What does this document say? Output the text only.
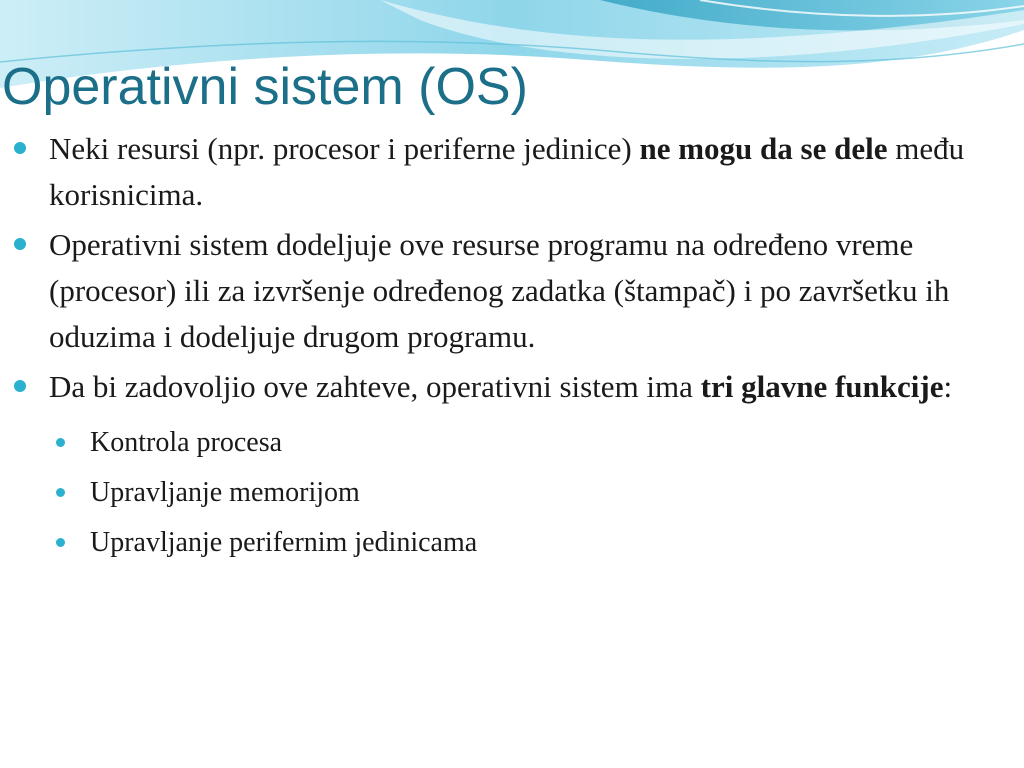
Operativni sistem (OS)
Neki resursi (npr. procesor i periferne jedinice) ne mogu da se dele među korisnicima.
Operativni sistem dodeljuje ove resurse programu na određeno vreme (procesor) ili za izvršenje određenog zadatka (štampač) i po završetku ih oduzima i dodeljuje drugom programu.
Da bi zadovoljio ove zahteve, operativni sistem ima tri glavne funkcije:
Kontrola procesa
Upravljanje memorijom
Upravljanje perifernim jedinicama
